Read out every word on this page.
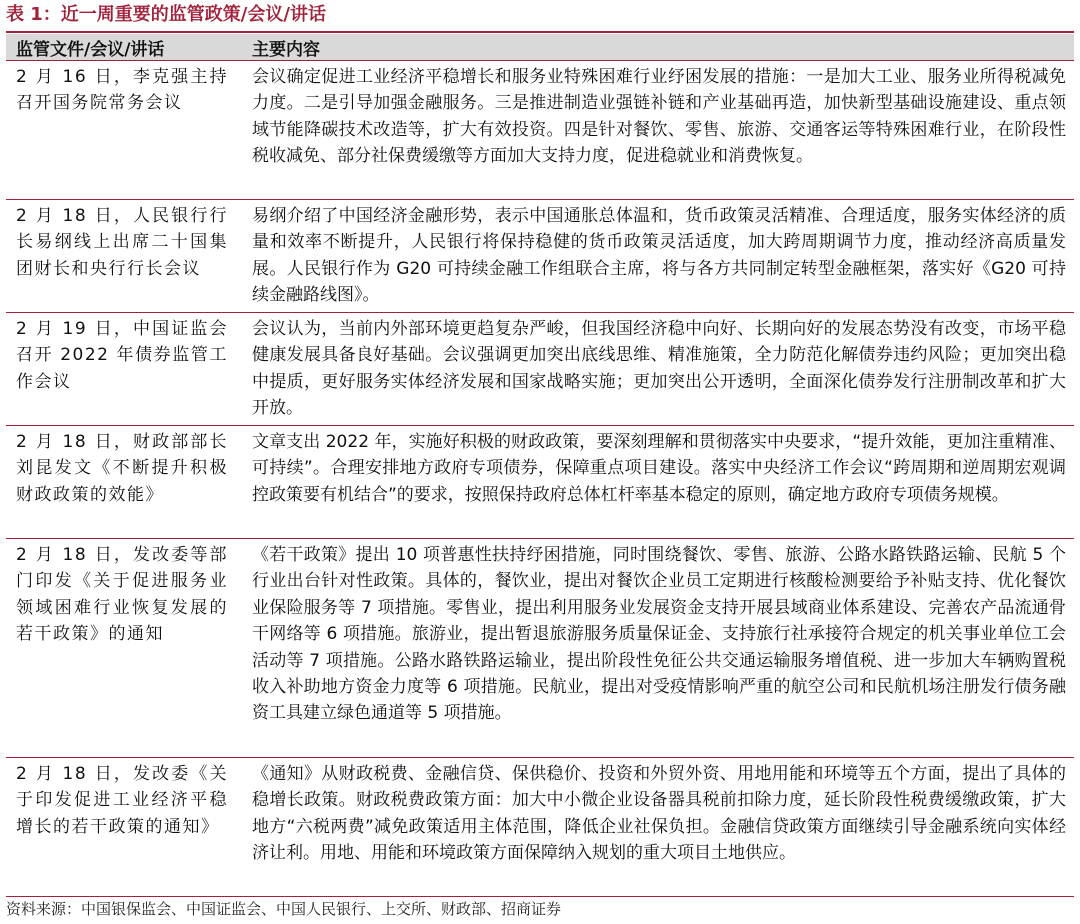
表 1：近一周重要的监管政策/会议/讲话
监管文件/会议/讲话	主要内容
2 月 16 日，李克强主持召开国务院常务会议	会议确定促进工业经济平稳增长和服务业特殊困难行业纾困发展的措施：一是加大工业、服务业所得税减免力度。二是引导加强金融服务。三是推进制造业强链补链和产业基础再造，加快新型基础设施建设、重点领域节能降碳技术改造等，扩大有效投资。四是针对餐饮、零售、旅游、交通客运等特殊困难行业，在阶段性税收减免、部分社保费缓缴等方面加大支持力度，促进稳就业和消费恢复。
2 月 18 日，人民银行行长易纲线上出席二十国集团财长和央行行长会议	易纲介绍了中国经济金融形势，表示中国通胀总体温和，货币政策灵活精准、合理适度，服务实体经济的质量和效率不断提升，人民银行将保持稳健的货币政策灵活适度，加大跨周期调节力度，推动经济高质量发展。人民银行作为 G20 可持续金融工作组联合主席，将与各方共同制定转型金融框架，落实好《G20 可持续金融路线图》。
2 月 19 日，中国证监会召开 2022 年债券监管工作会议	会议认为，当前内外部环境更趋复杂严峻，但我国经济稳中向好、长期向好的发展态势没有改变，市场平稳健康发展具备良好基础。会议强调更加突出底线思维、精准施策，全力防范化解债券违约风险；更加突出稳中提质，更好服务实体经济发展和国家战略实施；更加突出公开透明，全面深化债券发行注册制改革和扩大开放。
2 月 18 日，财政部部长刘昆发文《不断提升积极财政政策的效能》	文章支出 2022 年，实施好积极的财政政策，要深刻理解和贯彻落实中央要求，“提升效能，更加注重精准、可持续”。合理安排地方政府专项债券，保障重点项目建设。落实中央经济工作会议“跨周期和逆周期宏观调控政策要有机结合”的要求，按照保持政府总体杠杆率基本稳定的原则，确定地方政府专项债务规模。
2 月 18 日，发改委等部门印发《关于促进服务业领域困难行业恢复发展的若干政策》的通知	《若干政策》提出 10 项普惠性扶持纾困措施，同时围绕餐饮、零售、旅游、公路水路铁路运输、民航 5 个行业出台针对性政策。具体的，餐饮业，提出对餐饮企业员工定期进行核酸检测要给予补贴支持、优化餐饮业保险服务等 7 项措施。零售业，提出利用服务业发展资金支持开展县域商业体系建设、完善农产品流通骨干网络等 6 项措施。旅游业，提出暂退旅游服务质量保证金、支持旅行社承接符合规定的机关事业单位工会活动等 7 项措施。公路水路铁路运输业，提出阶段性免征公共交通运输服务增值税、进一步加大车辆购置税收入补助地方资金力度等 6 项措施。民航业，提出对受疫情影响严重的航空公司和民航机场注册发行债务融资工具建立绿色通道等 5 项措施。
2 月 18 日，发改委《关于印发促进工业经济平稳增长的若干政策的通知》	《通知》从财政税费、金融信贷、保供稳价、投资和外贸外资、用地用能和环境等五个方面，提出了具体的稳增长政策。财政税费政策方面：加大中小微企业设备器具税前扣除力度，延长阶段性税费缓缴政策，扩大地方“六税两费”减免政策适用主体范围，降低企业社保负担。金融信贷政策方面继续引导金融系统向实体经济让利。用地、用能和环境政策方面保障纳入规划的重大项目土地供应。
资料来源：中国银保监会、中国证监会、中国人民银行、上交所、财政部、招商证券
